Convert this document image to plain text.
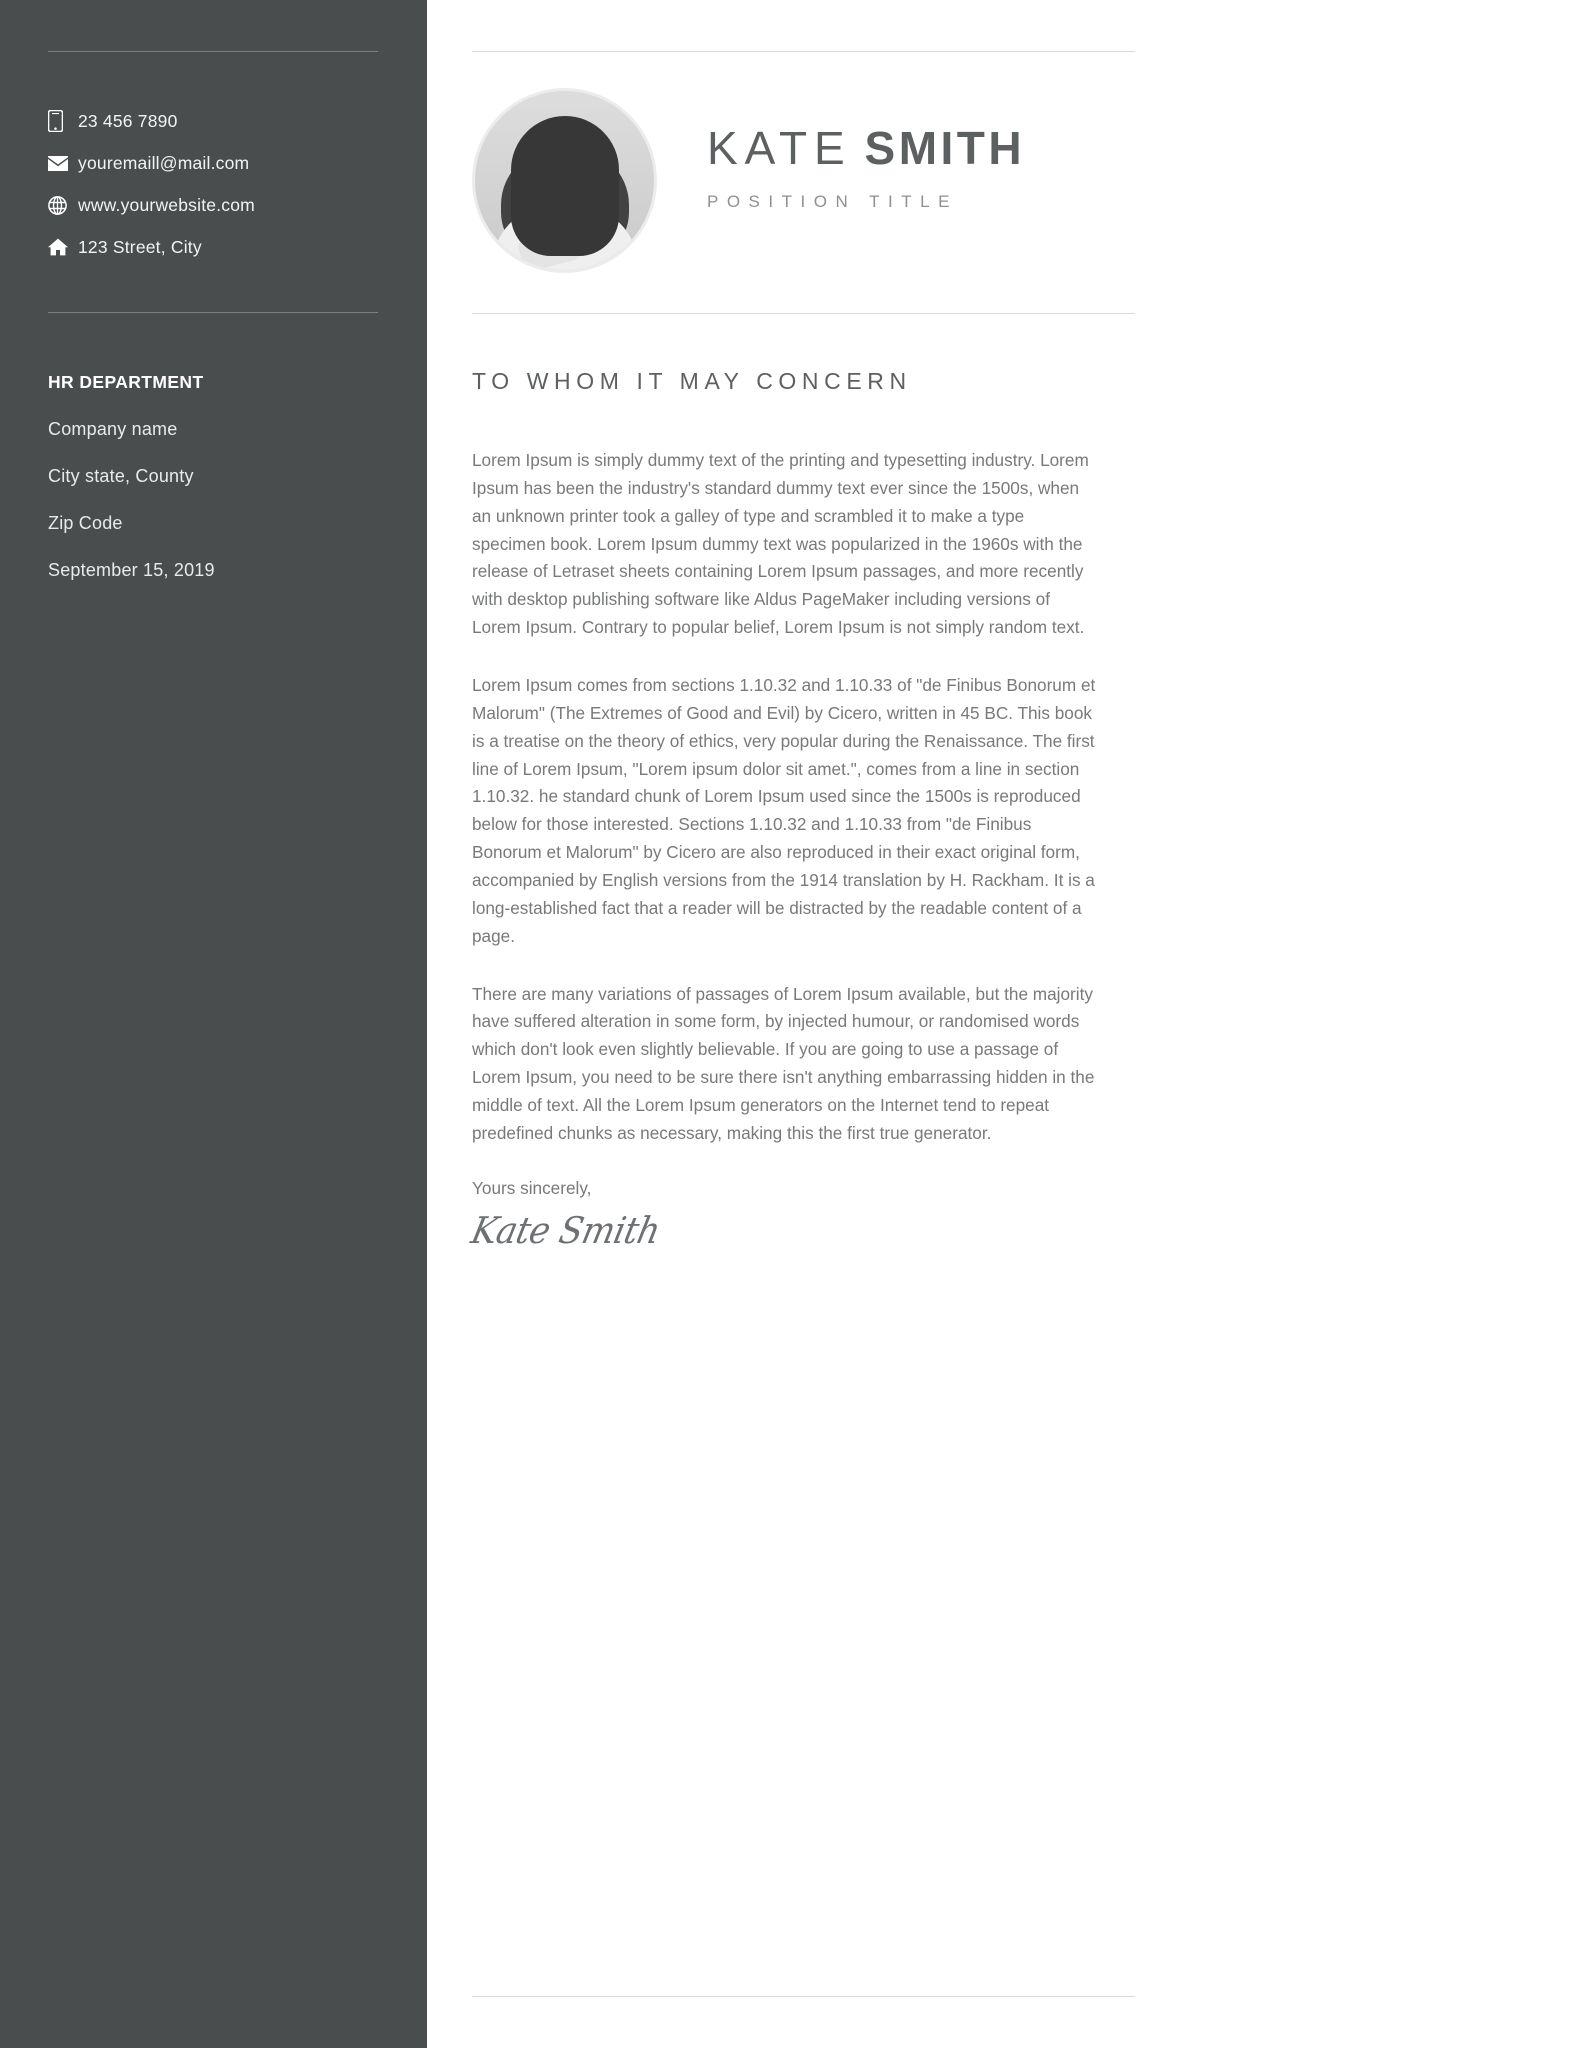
23 456 7890
youremaill@mail.com
www.yourwebsite.com
123 Street, City
HR DEPARTMENT
Company name
City state, County
Zip Code
September 15, 2019
KATE SMITH
POSITION TITLE
TO WHOM IT MAY CONCERN

Lorem Ipsum is simply dummy text of the printing and typesetting industry. Lorem Ipsum has been the industry's standard dummy text ever since the 1500s, when an unknown printer took a galley of type and scrambled it to make a type specimen book. Lorem Ipsum dummy text was popularized in the 1960s with the release of Letraset sheets containing Lorem Ipsum passages, and more recently with desktop publishing software like Aldus PageMaker including versions of Lorem Ipsum. Contrary to popular belief, Lorem Ipsum is not simply random text.

Lorem Ipsum comes from sections 1.10.32 and 1.10.33 of "de Finibus Bonorum et Malorum" (The Extremes of Good and Evil) by Cicero, written in 45 BC. This book is a treatise on the theory of ethics, very popular during the Renaissance. The first line of Lorem Ipsum, "Lorem ipsum dolor sit amet.", comes from a line in section 1.10.32. he standard chunk of Lorem Ipsum used since the 1500s is reproduced below for those interested. Sections 1.10.32 and 1.10.33 from "de Finibus Bonorum et Malorum" by Cicero are also reproduced in their exact original form, accompanied by English versions from the 1914 translation by H. Rackham. It is a long-established fact that a reader will be distracted by the readable content of a page.

There are many variations of passages of Lorem Ipsum available, but the majority have suffered alteration in some form, by injected humour, or randomised words which don't look even slightly believable. If you are going to use a passage of Lorem Ipsum, you need to be sure there isn't anything embarrassing hidden in the middle of text. All the Lorem Ipsum generators on the Internet tend to repeat predefined chunks as necessary, making this the first true generator.

Yours sincerely,
Kate Smith
